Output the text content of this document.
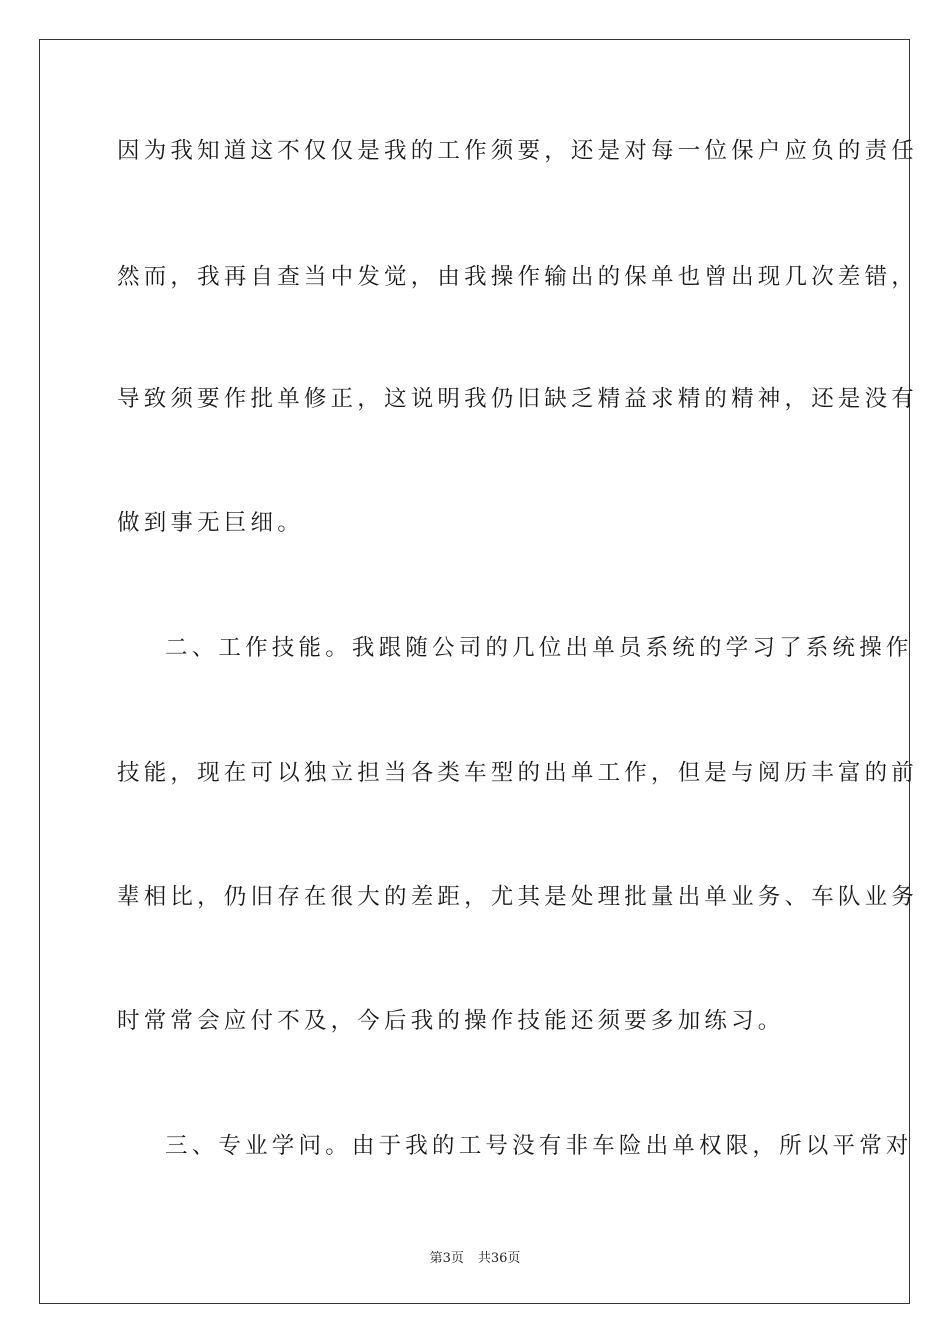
因为我知道这不仅仅是我的工作须要，还是对每一位保户应负的责任
然而，我再自查当中发觉，由我操作输出的保单也曾出现几次差错，
导致须要作批单修正，这说明我仍旧缺乏精益求精的精神，还是没有
做到事无巨细。
二、工作技能。我跟随公司的几位出单员系统的学习了系统操作
技能，现在可以独立担当各类车型的出单工作，但是与阅历丰富的前
辈相比，仍旧存在很大的差距，尤其是处理批量出单业务、车队业务
时常常会应付不及，今后我的操作技能还须要多加练习。
三、专业学问。由于我的工号没有非车险出单权限，所以平常对
第3页 共36页
